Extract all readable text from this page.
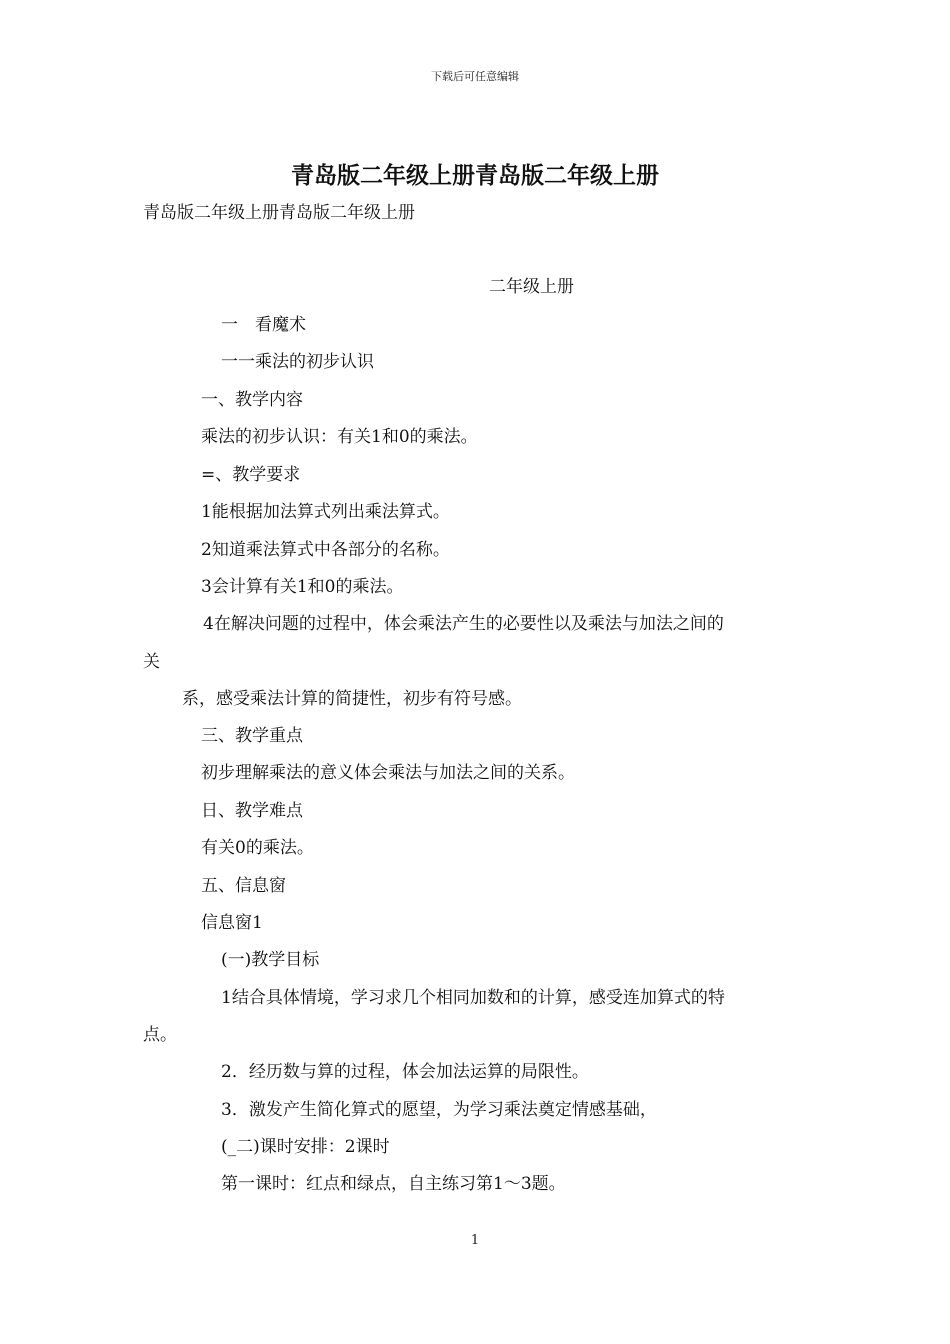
下载后可任意编辑
青岛版二年级上册青岛版二年级上册
青岛版二年级上册青岛版二年级上册
二年级上册
一　看魔术
一一乘法的初步认识
一、教学内容
乘法的初步认识：有关1和0的乘法。
=、教学要求
1能根据加法算式列出乘法算式。
2知道乘法算式中各部分的名称。
3会计算有关1和0的乘法。
4在解决问题的过程中，体会乘法产生的必要性以及乘法与加法之间的
关
系，感受乘法计算的简捷性，初步有符号感。
三、教学重点
初步理解乘法的意义体会乘法与加法之间的关系。
日、教学难点
有关0的乘法。
五、信息窗
信息窗1
(一)教学目标
1结合具体情境，学习求几个相同加数和的计算，感受连加算式的特
点。
2．经历数与算的过程，体会加法运算的局限性。
3．激发产生简化算式的愿望，为学习乘法奠定情感基础，
(_二)课时安排：2课时
第一课时：红点和绿点，自主练习第1～3题。
1
